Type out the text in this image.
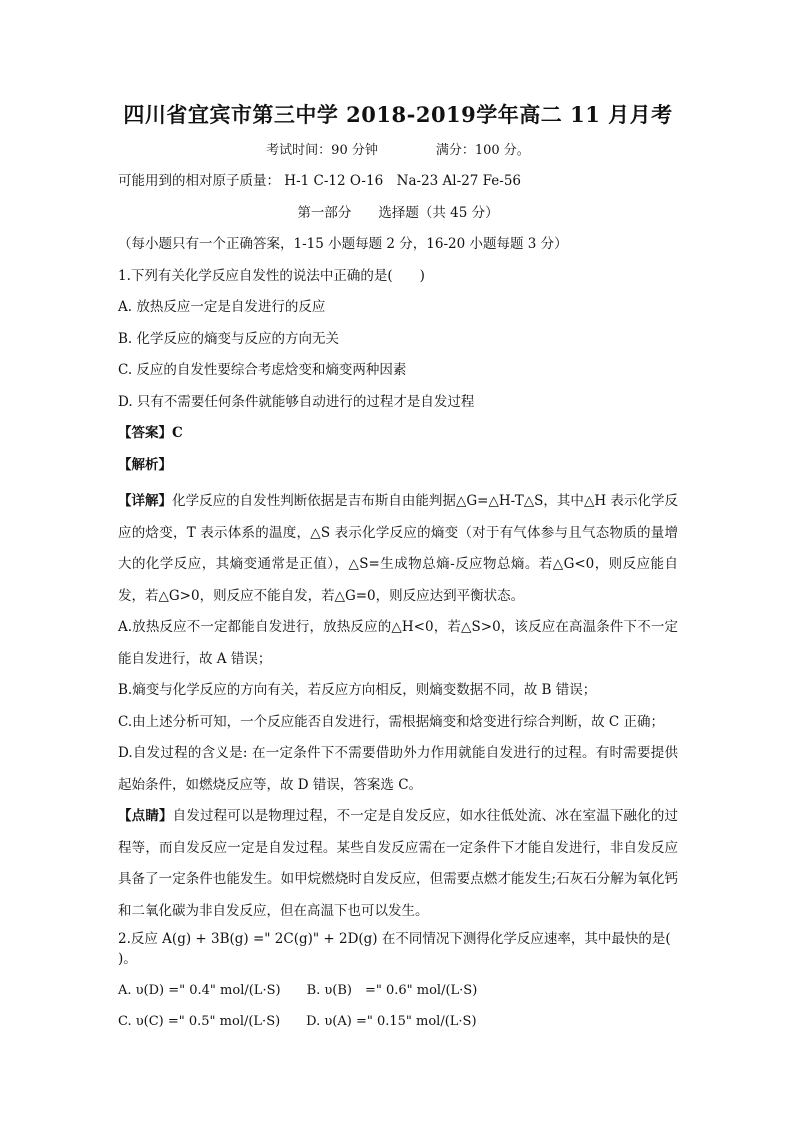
四川省宜宾市第三中学 2018-2019学年高二 11 月月考
考试时间：90 分钟	满分：100 分。
可能用到的相对原子质量： H-1 C-12 O-16　Na-23 Al-27 Fe-56
第一部分　　选择题（共 45 分）
（每小题只有一个正确答案，1-15 小题每题 2 分，16-20 小题每题 3 分）
1.下列有关化学反应自发性的说法中正确的是(　　)
A. 放热反应一定是自发进行的反应
B. 化学反应的熵变与反应的方向无关
C. 反应的自发性要综合考虑焓变和熵变两种因素
D. 只有不需要任何条件就能够自动进行的过程才是自发过程
【答案】C
【解析】

【详解】化学反应的自发性判断依据是吉布斯自由能判据△G=△H-T△S，其中△H 表示化学反应的焓变，T 表示体系的温度，△S 表示化学反应的熵变（对于有气体参与且气态物质的量增大的化学反应，其熵变通常是正值），△S=生成物总熵-反应物总熵。若△G<0，则反应能自发，若△G>0，则反应不能自发，若△G=0，则反应达到平衡状态。

A.放热反应不一定都能自发进行，放热反应的△H<0，若△S>0，该反应在高温条件下不一定能自发进行，故 A 错误；

B.熵变与化学反应的方向有关，若反应方向相反，则熵变数据不同，故 B 错误；

C.由上述分析可知，一个反应能否自发进行，需根据熵变和焓变进行综合判断，故 C 正确；

D.自发过程的含义是: 在一定条件下不需要借助外力作用就能自发进行的过程。有时需要提供起始条件，如燃烧反应等，故 D 错误，答案选 C。

【点睛】自发过程可以是物理过程，不一定是自发反应，如水往低处流、冰在室温下融化的过程等，而自发反应一定是自发过程。某些自发反应需在一定条件下才能自发进行，非自发反应具备了一定条件也能发生。如甲烷燃烧时自发反应，但需要点燃才能发生;石灰石分解为氧化钙和二氧化碳为非自发反应，但在高温下也可以发生。

2.反应 A(g) + 3B(g) =" 2C(g)" + 2D(g) 在不同情况下测得化学反应速率，其中最快的是( )。
A. υ(D) =" 0.4" mol/(L·S) B. υ(B)　=" 0.6" mol/(L·S)
C. υ(C) =" 0.5" mol/(L·S) D. υ(A) =" 0.15" mol/(L·S)
